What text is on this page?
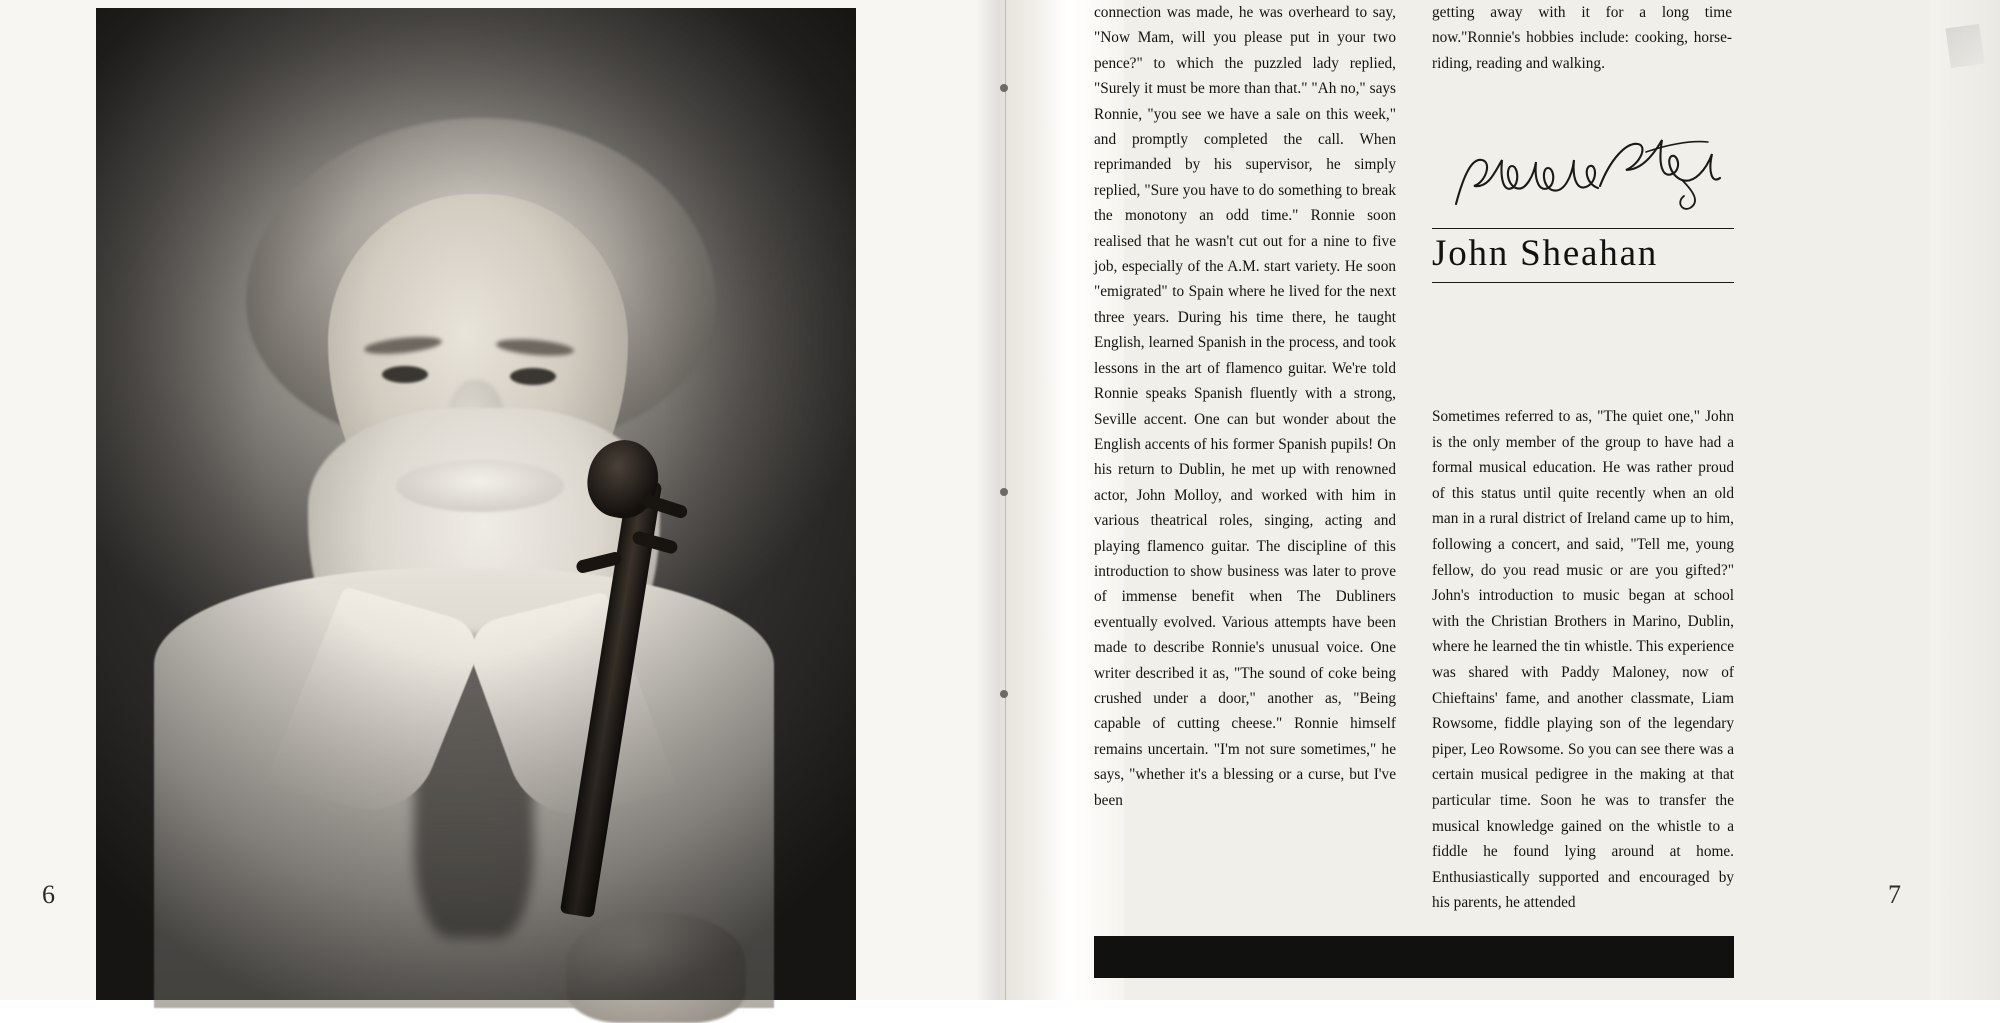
6

connection was made, he was overheard to say, "Now Mam, will you please put in your two pence?" to which the puzzled lady replied, "Surely it must be more than that." "Ah no," says Ronnie, "you see we have a sale on this week," and promptly completed the call. When reprimanded by his supervisor, he simply replied, "Sure you have to do something to break the monotony an odd time." Ronnie soon realised that he wasn't cut out for a nine to five job, especially of the A.M. start variety. He soon "emigrated" to Spain where he lived for the next three years. During his time there, he taught English, learned Spanish in the process, and took lessons in the art of flamenco guitar. We're told Ronnie speaks Spanish fluently with a strong, Seville accent. One can but wonder about the English accents of his former Spanish pupils! On his return to Dublin, he met up with renowned actor, John Molloy, and worked with him in various theatrical roles, singing, acting and playing flamenco guitar. The discipline of this introduction to show business was later to prove of immense benefit when The Dubliners eventually evolved. Various attempts have been made to describe Ronnie's unusual voice. One writer described it as, "The sound of coke being crushed under a door," another as, "Being capable of cutting cheese." Ronnie himself remains uncertain. "I'm not sure sometimes," he says, "whether it's a blessing or a curse, but I've been

getting away with it for a long time now."Ronnie's hobbies include: cooking, horse-riding, reading and walking.

John Sheahan

Sometimes referred to as, "The quiet one," John is the only member of the group to have had a formal musical education. He was rather proud of this status until quite recently when an old man in a rural district of Ireland came up to him, following a concert, and said, "Tell me, young fellow, do you read music or are you gifted?" John's introduction to music began at school with the Christian Brothers in Marino, Dublin, where he learned the tin whistle. This experience was shared with Paddy Maloney, now of Chieftains' fame, and another classmate, Liam Rowsome, fiddle playing son of the legendary piper, Leo Rowsome. So you can see there was a certain musical pedigree in the making at that particular time. Soon he was to transfer the musical knowledge gained on the whistle to a fiddle he found lying around at home. Enthusiastically supported and encouraged by his parents, he attended	7
